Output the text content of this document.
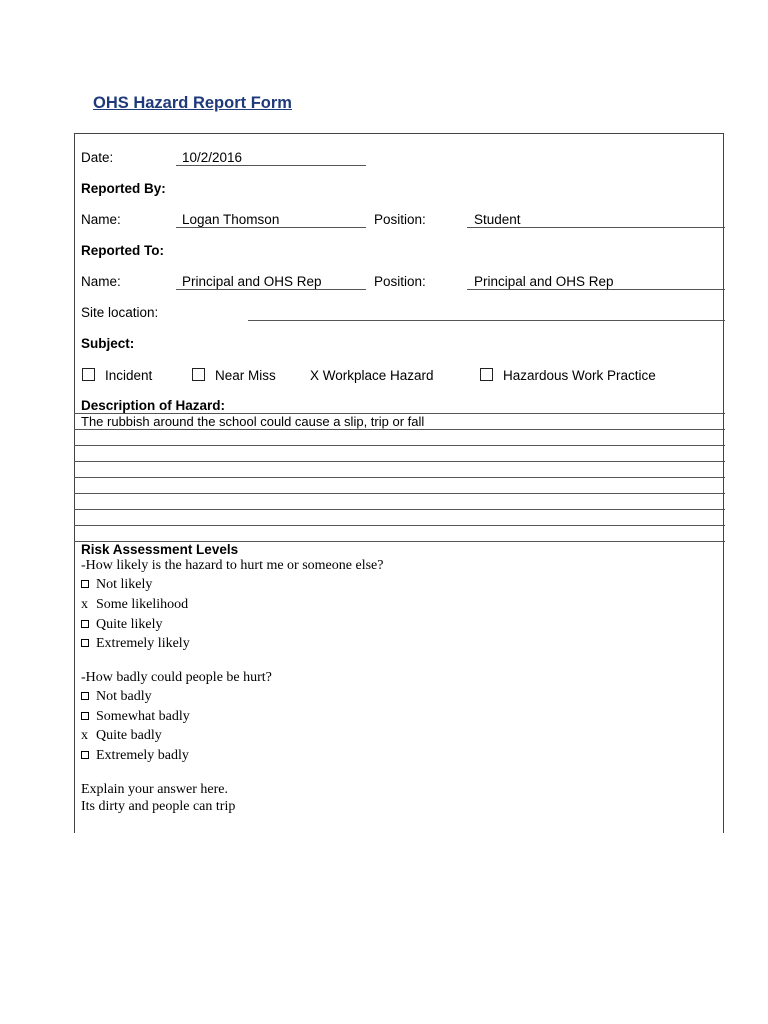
OHS Hazard Report Form
Date:	10/2/2016
Reported By:
Name:	Logan Thomson	Position:	Student
Reported To:
Name:	Principal and OHS Rep	Position:	Principal and OHS Rep
Site location:
Subject:
Incident	Near Miss	X Workplace Hazard	Hazardous Work Practice
Description of Hazard:
The rubbish around the school could cause a slip, trip or fall
Risk Assessment Levels
-How likely is the hazard to hurt me or someone else?
Not likely
x Some likelihood
Quite likely
Extremely likely
-How badly could people be hurt?
Not badly
Somewhat badly
x Quite badly
Extremely badly
Explain your answer here.
Its dirty and people can trip
